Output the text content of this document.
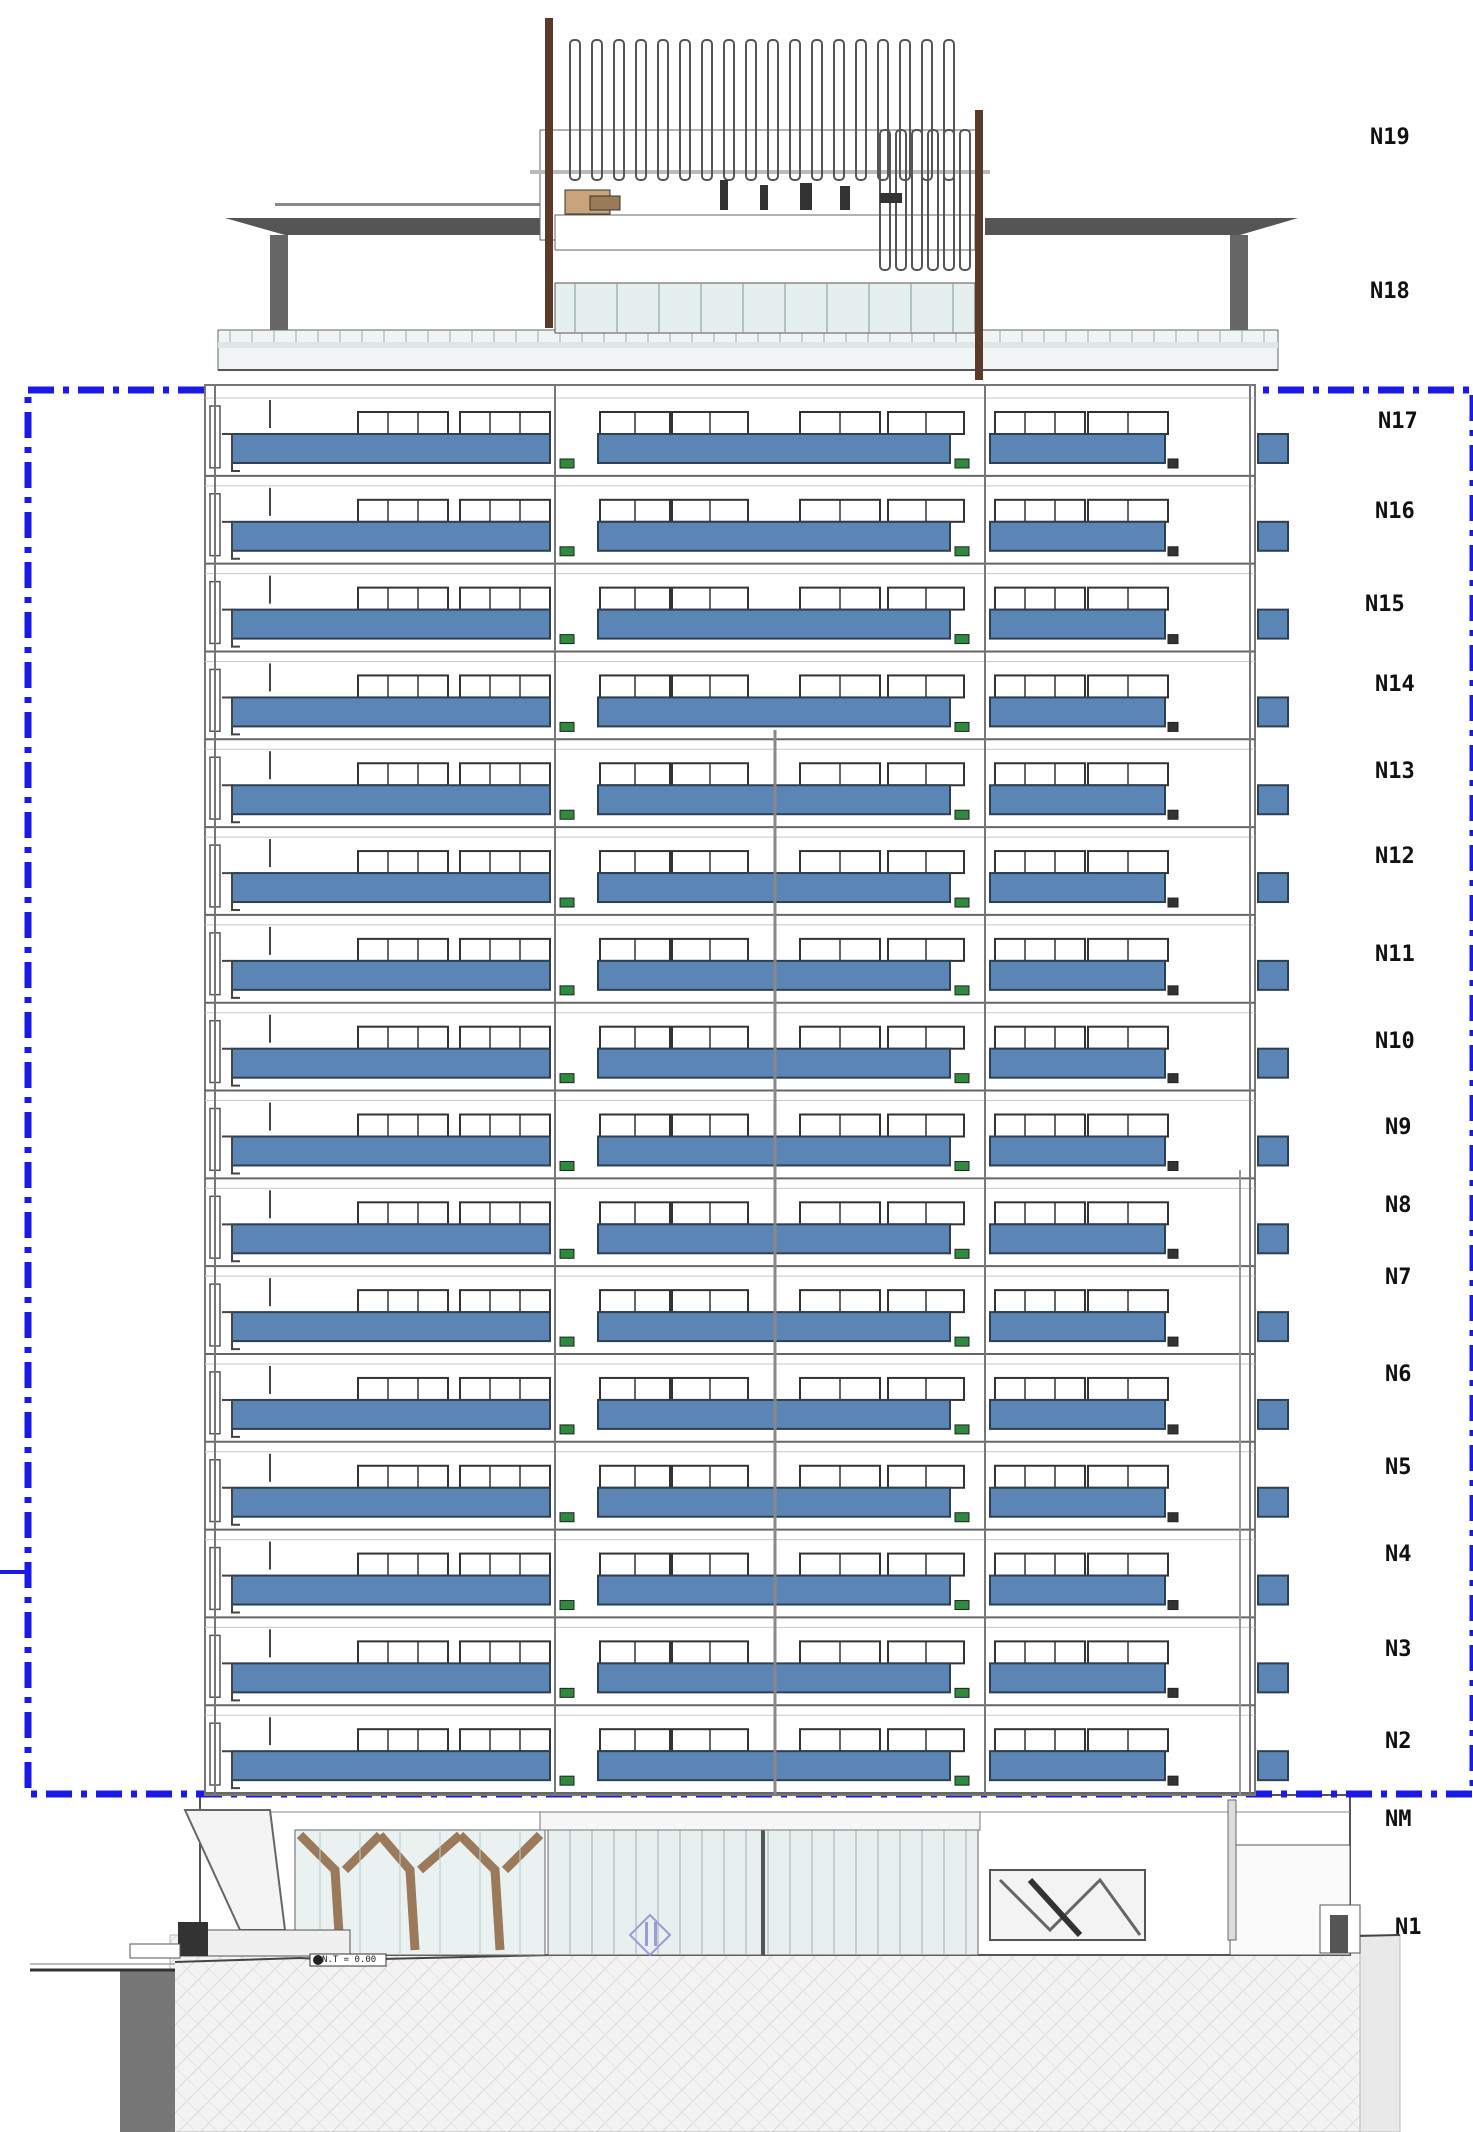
N19
N18
N17
N16
N15
N14
N13
N12
N11
N10
N9
N8
N7
N6
N5
N4
N3
N2
NM
N1
N.T = 0.00
